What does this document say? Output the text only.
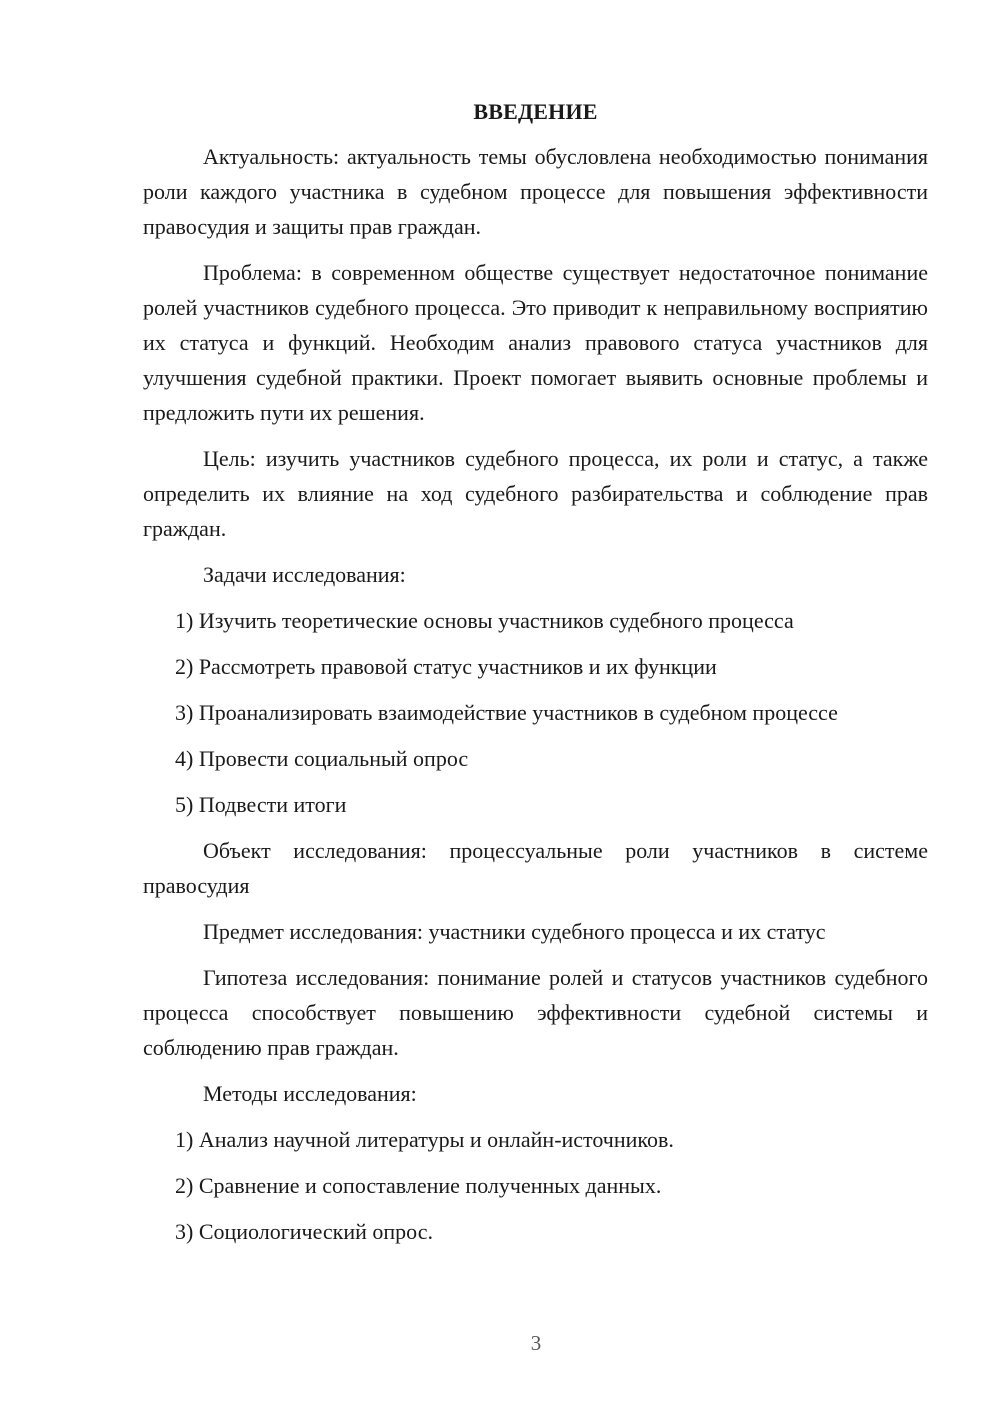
ВВЕДЕНИЕ

Актуальность: актуальность темы обусловлена необходимостью понимания роли каждого участника в судебном процессе для повышения эффективности правосудия и защиты прав граждан.

Проблема: в современном обществе существует недостаточное понимание ролей участников судебного процесса. Это приводит к неправильному восприятию их статуса и функций. Необходим анализ правового статуса участников для улучшения судебной практики. Проект помогает выявить основные проблемы и предложить пути их решения.

Цель: изучить участников судебного процесса, их роли и статус, а также определить их влияние на ход судебного разбирательства и соблюдение прав граждан.

Задачи исследования:

1) Изучить теоретические основы участников судебного процесса
2) Рассмотреть правовой статус участников и их функции
3) Проанализировать взаимодействие участников в судебном процессе
4) Провести социальный опрос
5) Подвести итоги

Объект исследования: процессуальные роли участников в системе правосудия

Предмет исследования: участники судебного процесса и их статус

Гипотеза исследования: понимание ролей и статусов участников судебного процесса способствует повышению эффективности судебной системы и соблюдению прав граждан.

Методы исследования:

1) Анализ научной литературы и онлайн-источников.
2) Сравнение и сопоставление полученных данных.
3) Социологический опрос.
3
